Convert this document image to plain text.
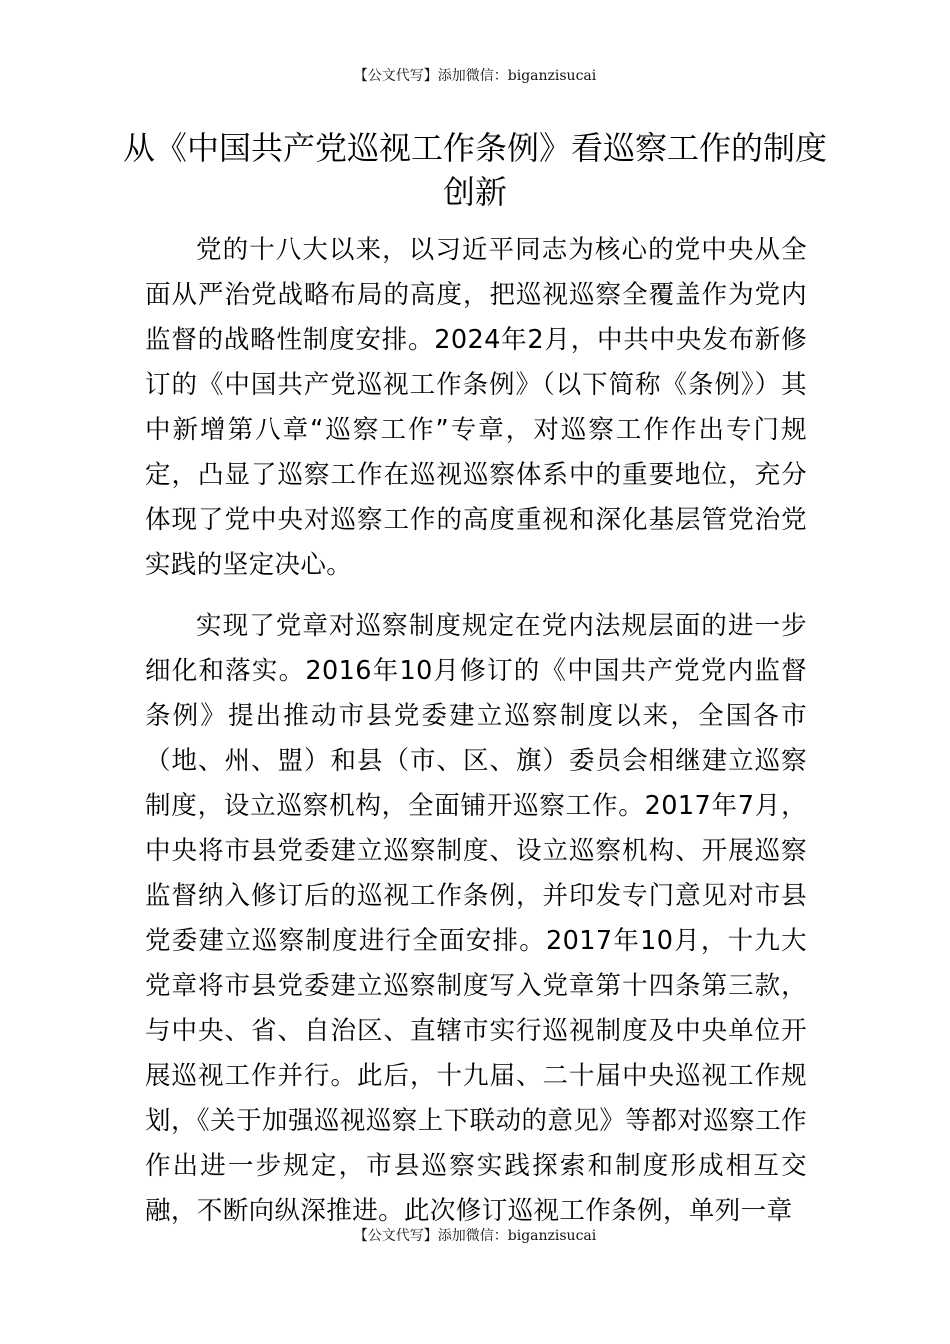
【公文代写】添加微信：biganzisucai
从《中国共产党巡视工作条例》看巡察工作的制度创新

党的十八大以来，以习近平同志为核心的党中央从全面从严治党战略布局的高度，把巡视巡察全覆盖作为党内监督的战略性制度安排。2024年2月，中共中央发布新修订的《中国共产党巡视工作条例》（以下简称《条例》）其中新增第八章“巡察工作”专章，对巡察工作作出专门规定，凸显了巡察工作在巡视巡察体系中的重要地位，充分体现了党中央对巡察工作的高度重视和深化基层管党治党实践的坚定决心。

实现了党章对巡察制度规定在党内法规层面的进一步细化和落实。2016年10月修订的《中国共产党党内监督条例》提出推动市县党委建立巡察制度以来，全国各市（地、州、盟）和县（市、区、旗）委员会相继建立巡察制度，设立巡察机构，全面铺开巡察工作。2017年7月，中央将市县党委建立巡察制度、设立巡察机构、开展巡察监督纳入修订后的巡视工作条例，并印发专门意见对市县党委建立巡察制度进行全面安排。2017年10月，十九大党章将市县党委建立巡察制度写入党章第十四条第三款，与中央、省、自治区、直辖市实行巡视制度及中央单位开展巡视工作并行。此后，十九届、二十届中央巡视工作规划，《关于加强巡视巡察上下联动的意见》等都对巡察工作作出进一步规定，市县巡察实践探索和制度形成相互交融，不断向纵深推进。此次修订巡视工作条例，单列一章

【公文代写】添加微信：biganzisucai
